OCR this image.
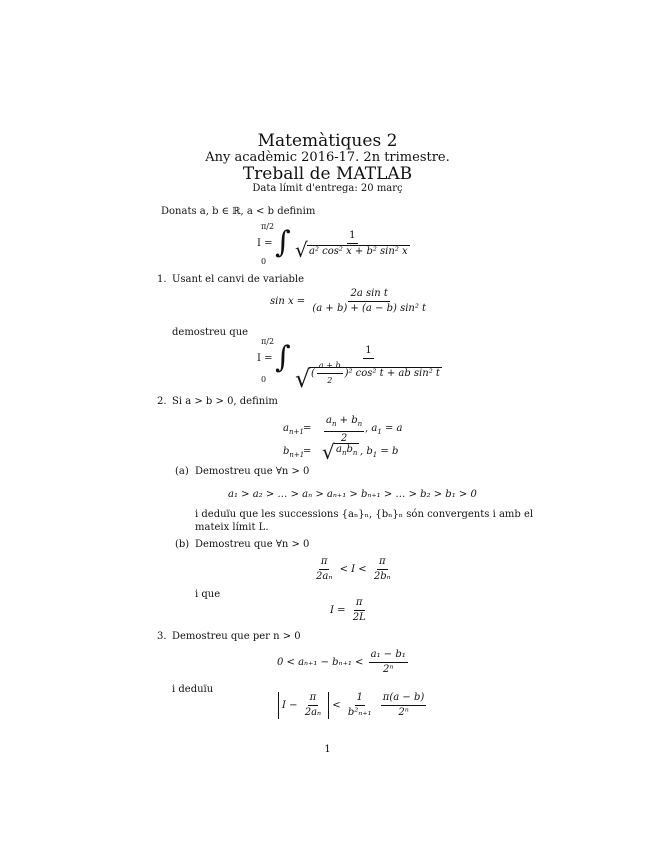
Matemàtiques 2
Any acadèmic 2016-17. 2n trimestre.
Treball de MATLAB
Data límit d'entrega: 20 març
Donats a, b ∈ ℝ, a < b definim
π/2
0
I = ∫ $\frac{1}{\text{√ a² cos² x + b² sin² x}}$
1. Usant el canvi de variable
$\sin x = \frac{\text{2a sin t}}{\text{(a + b) + (a − b) sin² t}}$
demostreu que
π/2
0
I = ∫ $\frac{1}{√ ( \frac{a + b}{2} )^2 \cos^2 t + ab \sin^2 t}$
2. Si a > b > 0, definim
$a_{n+1} = \frac{a_n + b_n}{2}$ , $a_1 = a$
$b_{n+1}$
= √ $a_nb_n$ , $b_1 = b$
(a) Demostreu que ∀n > 0
a₁ > a₂ > … > aₙ > aₙ₊₁ > bₙ₊₁ > … > b₂ > b₁ > 0
i deduïu que les successions {aₙ}ₙ, {bₙ}ₙ són convergents i amb el
mateix límit L.
(b) Demostreu que ∀n > 0
$\frac{\pi}{\text{2aₙ}} < I < \frac{\pi}{\text{2bₙ}}$
i que
$I = \frac{\pi}{2L}$
3. Demostreu que per n > 0
$0 < a_{n+1} - b_{n+1} < \frac{\text{a₁ − b₁}}{\text{2ⁿ}}$
i deduïu
$I - \frac{\pi}{\text{2aₙ}} < \frac{1}{\text{b²ₙ₊₁}}$
$\frac{\pi(a - b)}{\text{2ⁿ}}$
1
